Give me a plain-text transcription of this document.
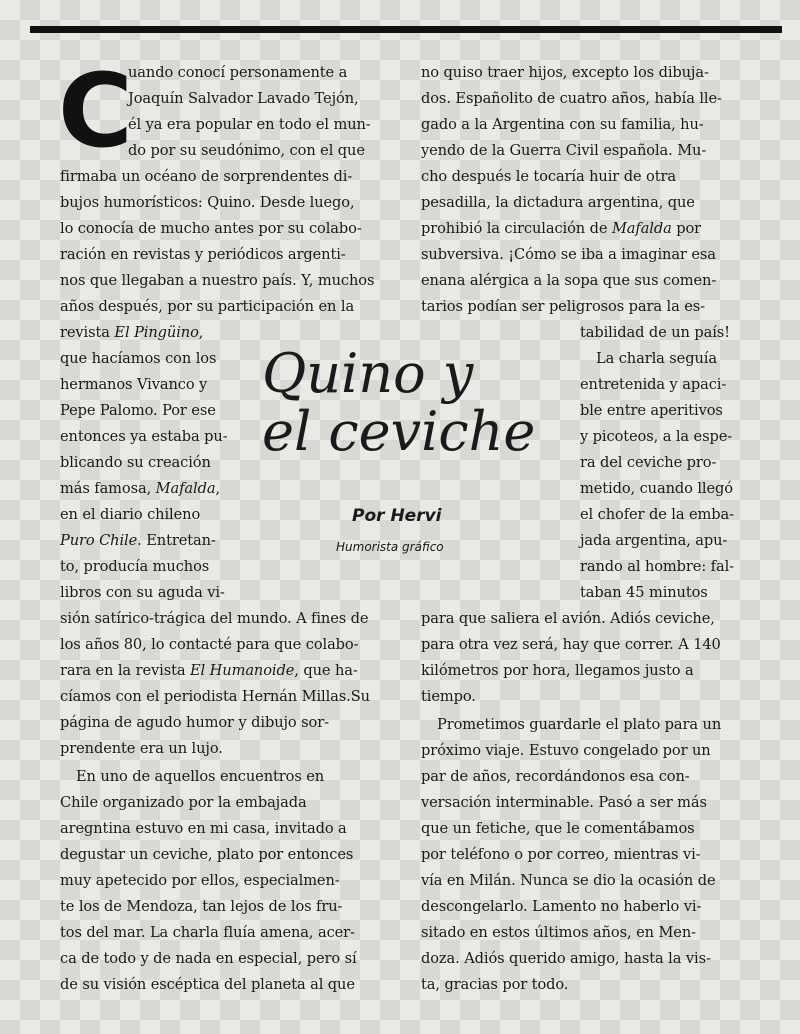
C
Quino y
el ceviche

Por Hervi

Humorista gráfico

uando conocí personamente a

Joaquín Salvador Lavado Tejón,

él ya era popular en todo el mun-

do por su seudónimo, con el que

firmaba un océano de sorprendentes di-

bujos humorísticos: Quino. Desde luego,

lo conocía de mucho antes por su colabo-

ración en revistas y periódicos argenti-

nos que llegaban a nuestro país. Y, muchos

años después, por su participación en la

revista El Pingüino,

que hacíamos con los

hermanos Vivanco y

Pepe Palomo. Por ese

entonces ya estaba pu-

blicando su creación

más famosa, Mafalda,

en el diario chileno

Puro Chile. Entretan-

to, producía muchos

libros con su aguda vi-

sión satírico-trágica del mundo. A fines de

los años 80, lo contacté para que colabo-

rara en la revista El Humanoide, que ha-

cíamos con el periodista Hernán Millas.Su

página de agudo humor y dibujo sor-

prendente era un lujo.

En uno de aquellos encuentros en

Chile organizado por la embajada

aregntina estuvo en mi casa, invitado a

degustar un ceviche, plato por entonces

muy apetecido por ellos, especialmen-

te los de Mendoza, tan lejos de los fru-

tos del mar. La charla fluía amena, acer-

ca de todo y de nada en especial, pero sí

de su visión escéptica del planeta al que

no quiso traer hijos, excepto los dibuja-

dos. Españolito de cuatro años, había lle-

gado a la Argentina con su familia, hu-

yendo de la Guerra Civil española. Mu-

cho después le tocaría huir de otra

pesadilla, la dictadura argentina, que

prohibió la circulación de Mafalda por

subversiva. ¡Cómo se iba a imaginar esa

enana alérgica a la sopa que sus comen-

tarios podían ser peligrosos para la es-

tabilidad de un país!

La charla seguía

entretenida y apaci-

ble entre aperitivos

y picoteos, a la espe-

ra del ceviche pro-

metido, cuando llegó

el chofer de la emba-

jada argentina, apu-

rando al hombre: fal-

taban 45 minutos

para que saliera el avión. Adiós ceviche,

para otra vez será, hay que correr. A 140

kilómetros por hora, llegamos justo a

tiempo.

Prometimos guardarle el plato para un

próximo viaje. Estuvo congelado por un

par de años, recordándonos esa con-

versación interminable. Pasó a ser más

que un fetiche, que le comentábamos

por teléfono o por correo, mientras vi-

vía en Milán. Nunca se dio la ocasión de

descongelarlo. Lamento no haberlo vi-

sitado en estos últimos años, en Men-

doza. Adiós querido amigo, hasta la vis-

ta, gracias por todo.
